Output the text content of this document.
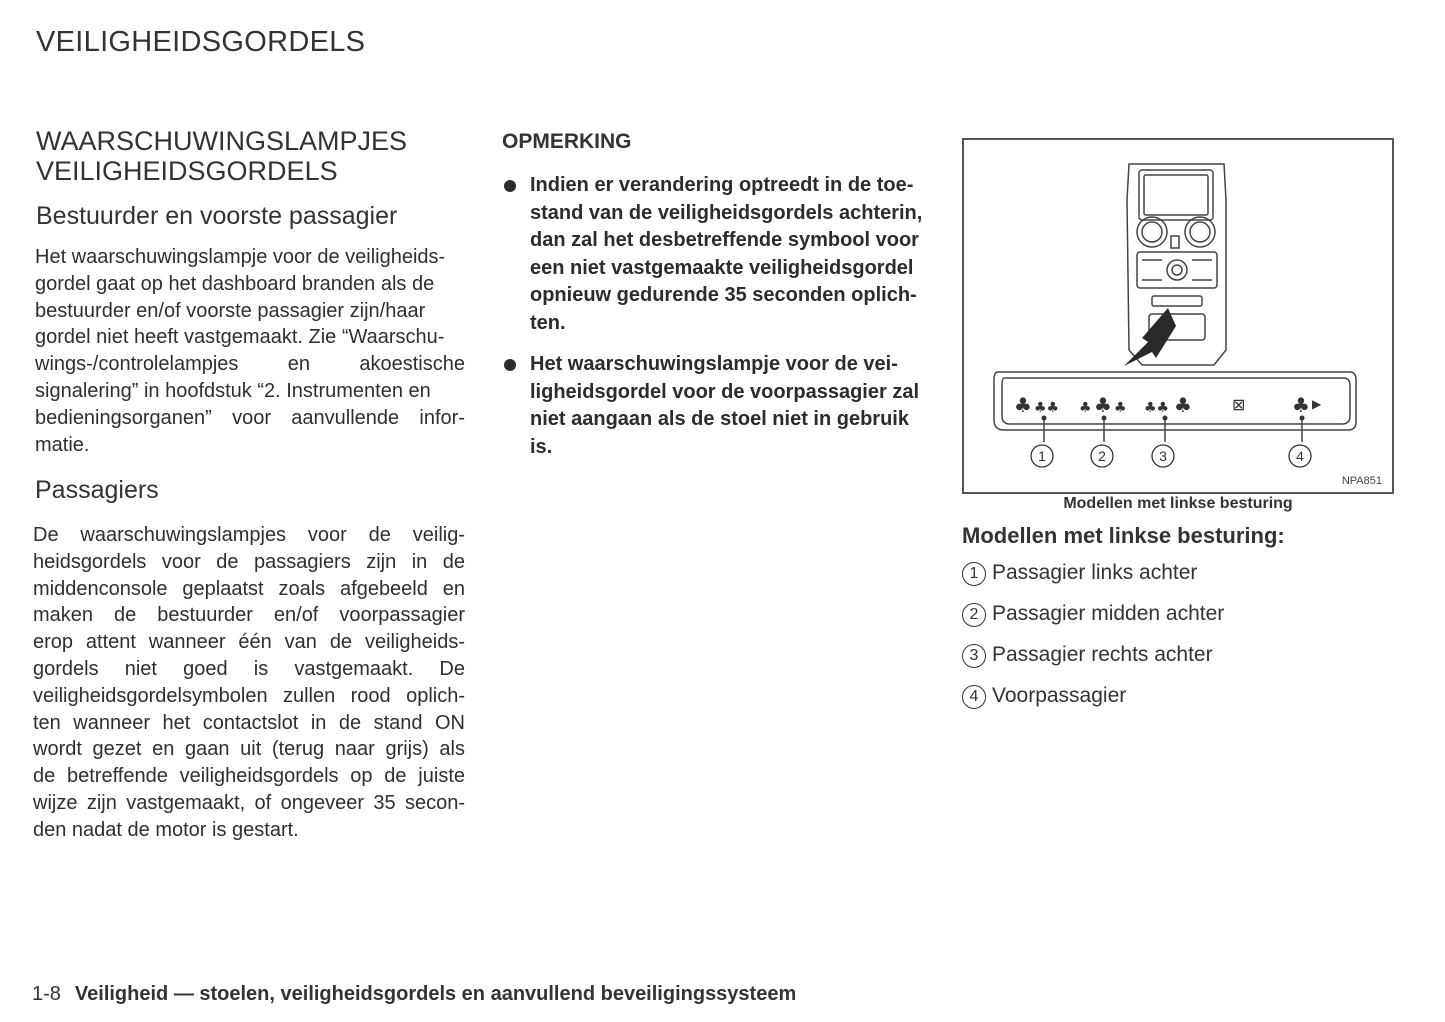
VEILIGHEIDSGORDELS
WAARSCHUWINGSLAMPJES
VEILIGHEIDSGORDELS
Bestuurder en voorste passagier
Het waarschuwingslampje voor de veiligheids-
gordel gaat op het dashboard branden als de
bestuurder en/of voorste passagier zijn/haar
gordel niet heeft vastgemaakt. Zie “Waarschu-
wings-/controlelampjes en akoestische
signalering” in hoofdstuk “2. Instrumenten en
bedieningsorganen” voor aanvullende infor-
matie.
Passagiers
De waarschuwingslampjes voor de veilig-
heidsgordels voor de passagiers zijn in de
middenconsole geplaatst zoals afgebeeld en
maken de bestuurder en/of voorpassagier
erop attent wanneer één van de veiligheids-
gordels niet goed is vastgemaakt. De
veiligheidsgordelsymbolen zullen rood oplich-
ten wanneer het contactslot in de stand ON
wordt gezet en gaan uit (terug naar grijs) als
de betreffende veiligheidsgordels op de juiste
wijze zijn vastgemaakt, of ongeveer 35 secon-
den nadat de motor is gestart.
OPMERKING
Indien er verandering optreedt in de toe-
stand van de veiligheidsgordels achterin,
dan zal het desbetreffende symbool voor
een niet vastgemaakte veiligheidsgordel
opnieuw gedurende 35 seconden oplich-
ten.
Het waarschuwingslampje voor de vei-
ligheidsgordel voor de voorpassagier zal
niet aangaan als de stoel niet in gebruik
is.
♣ ♣♣ ♣ ♣ ♣ ♣♣ ♣	⊠ ♣ ▶
1	2	3	4
NPA851
Modellen met linkse besturing
Modellen met linkse besturing:
1 Passagier links achter
2 Passagier midden achter
3 Passagier rechts achter
4 Voorpassagier
1-8 Veiligheid — stoelen, veiligheidsgordels en aanvullend beveiligingssysteem
